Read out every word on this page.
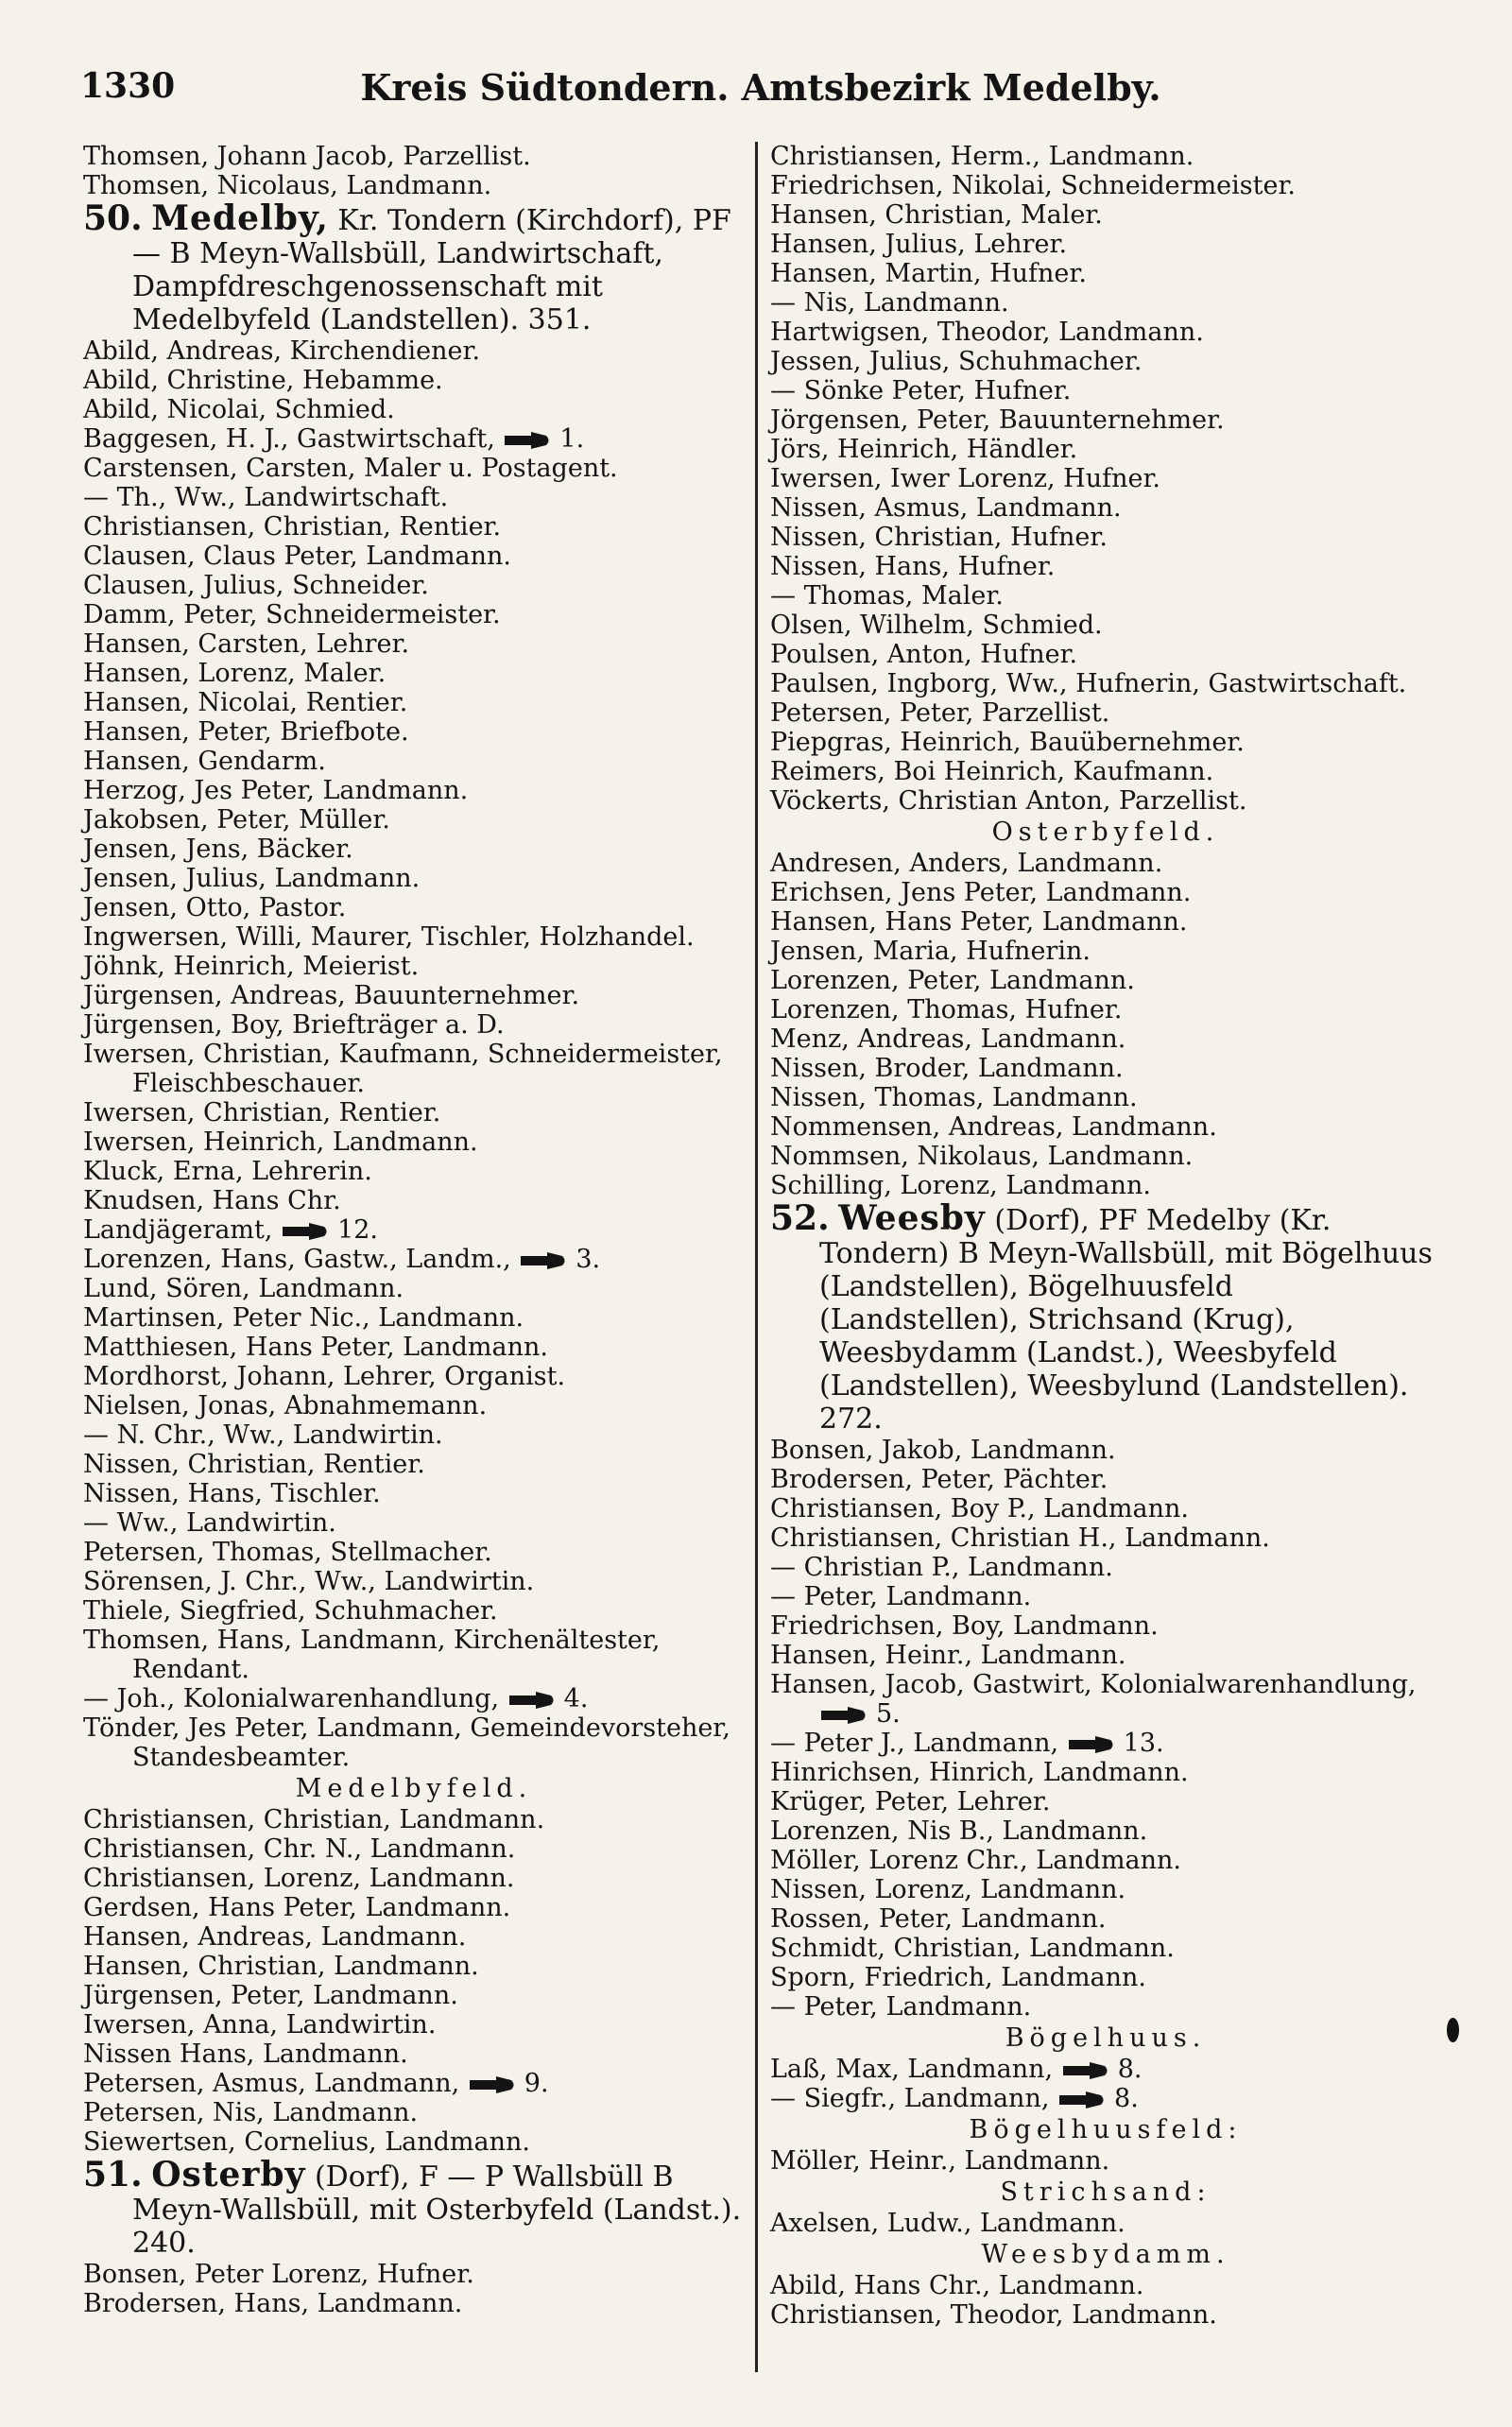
1330	Kreis Südtondern. Amtsbezirk Medelby.
Thomsen, Johann Jacob, Parzellist.
Thomsen, Nicolaus, Landmann.
50. Medelby, Kr. Tondern (Kirchdorf), PF — B Meyn-Wallsbüll, Landwirtschaft, Dampfdreschgenossenschaft mit Medelbyfeld (Landstellen). 351.
Abild, Andreas, Kirchendiener.
Abild, Christine, Hebamme.
Abild, Nicolai, Schmied.
Baggesen, H. J., Gastwirtschaft,	1.
Carstensen, Carsten, Maler u. Postagent.
— Th., Ww., Landwirtschaft.
Christiansen, Christian, Rentier.
Clausen, Claus Peter, Landmann.
Clausen, Julius, Schneider.
Damm, Peter, Schneidermeister.
Hansen, Carsten, Lehrer.
Hansen, Lorenz, Maler.
Hansen, Nicolai, Rentier.
Hansen, Peter, Briefbote.
Hansen, Gendarm.
Herzog, Jes Peter, Landmann.
Jakobsen, Peter, Müller.
Jensen, Jens, Bäcker.
Jensen, Julius, Landmann.
Jensen, Otto, Pastor.
Ingwersen, Willi, Maurer, Tischler, Holzhandel.
Jöhnk, Heinrich, Meierist.
Jürgensen, Andreas, Bauunternehmer.
Jürgensen, Boy, Briefträger a. D.
Iwersen, Christian, Kaufmann, Schneidermeister, Fleischbeschauer.
Iwersen, Christian, Rentier.
Iwersen, Heinrich, Landmann.
Kluck, Erna, Lehrerin.
Knudsen, Hans Chr.
Landjägeramt,	12.
Lorenzen, Hans, Gastw., Landm.,	3.
Lund, Sören, Landmann.
Martinsen, Peter Nic., Landmann.
Matthiesen, Hans Peter, Landmann.
Mordhorst, Johann, Lehrer, Organist.
Nielsen, Jonas, Abnahmemann.
— N. Chr., Ww., Landwirtin.
Nissen, Christian, Rentier.
Nissen, Hans, Tischler.
— Ww., Landwirtin.
Petersen, Thomas, Stellmacher.
Sörensen, J. Chr., Ww., Landwirtin.
Thiele, Siegfried, Schuhmacher.
Thomsen, Hans, Landmann, Kirchenältester, Rendant.
— Joh., Kolonialwarenhandlung,	4.
Tönder, Jes Peter, Landmann, Gemeindevorsteher, Standesbeamter.
Medelbyfeld.
Christiansen, Christian, Landmann.
Christiansen, Chr. N., Landmann.
Christiansen, Lorenz, Landmann.
Gerdsen, Hans Peter, Landmann.
Hansen, Andreas, Landmann.
Hansen, Christian, Landmann.
Jürgensen, Peter, Landmann.
Iwersen, Anna, Landwirtin.
Nissen Hans, Landmann.
Petersen, Asmus, Landmann,	9.
Petersen, Nis, Landmann.
Siewertsen, Cornelius, Landmann.
51. Osterby (Dorf), F — P Wallsbüll B Meyn-Wallsbüll, mit Osterbyfeld (Landst.). 240.
Bonsen, Peter Lorenz, Hufner.
Brodersen, Hans, Landmann.
Christiansen, Herm., Landmann.
Friedrichsen, Nikolai, Schneidermeister.
Hansen, Christian, Maler.
Hansen, Julius, Lehrer.
Hansen, Martin, Hufner.
— Nis, Landmann.
Hartwigsen, Theodor, Landmann.
Jessen, Julius, Schuhmacher.
— Sönke Peter, Hufner.
Jörgensen, Peter, Bauunternehmer.
Jörs, Heinrich, Händler.
Iwersen, Iwer Lorenz, Hufner.
Nissen, Asmus, Landmann.
Nissen, Christian, Hufner.
Nissen, Hans, Hufner.
— Thomas, Maler.
Olsen, Wilhelm, Schmied.
Poulsen, Anton, Hufner.
Paulsen, Ingborg, Ww., Hufnerin, Gastwirtschaft.
Petersen, Peter, Parzellist.
Piepgras, Heinrich, Bauübernehmer.
Reimers, Boi Heinrich, Kaufmann.
Vöckerts, Christian Anton, Parzellist.
Osterbyfeld.
Andresen, Anders, Landmann.
Erichsen, Jens Peter, Landmann.
Hansen, Hans Peter, Landmann.
Jensen, Maria, Hufnerin.
Lorenzen, Peter, Landmann.
Lorenzen, Thomas, Hufner.
Menz, Andreas, Landmann.
Nissen, Broder, Landmann.
Nissen, Thomas, Landmann.
Nommensen, Andreas, Landmann.
Nommsen, Nikolaus, Landmann.
Schilling, Lorenz, Landmann.
52. Weesby (Dorf), PF Medelby (Kr. Tondern) B Meyn-Wallsbüll, mit Bögelhuus (Landstellen), Bögelhuusfeld (Landstellen), Strichsand (Krug), Weesbydamm (Landst.), Weesbyfeld (Landstellen), Weesbylund (Landstellen). 272.
Bonsen, Jakob, Landmann.
Brodersen, Peter, Pächter.
Christiansen, Boy P., Landmann.
Christiansen, Christian H., Landmann.
— Christian P., Landmann.
— Peter, Landmann.
Friedrichsen, Boy, Landmann.
Hansen, Heinr., Landmann.
Hansen, Jacob, Gastwirt, Kolonialwarenhandlung, 5.
— Peter J., Landmann,	13.
Hinrichsen, Hinrich, Landmann.
Krüger, Peter, Lehrer.
Lorenzen, Nis B., Landmann.
Möller, Lorenz Chr., Landmann.
Nissen, Lorenz, Landmann.
Rossen, Peter, Landmann.
Schmidt, Christian, Landmann.
Sporn, Friedrich, Landmann.
— Peter, Landmann.
Bögelhuus.
Laß, Max, Landmann,	8.
— Siegfr., Landmann,	8.
Bögelhuusfeld:
Möller, Heinr., Landmann.
Strichsand:
Axelsen, Ludw., Landmann.
Weesbydamm.
Abild, Hans Chr., Landmann.
Christiansen, Theodor, Landmann.
